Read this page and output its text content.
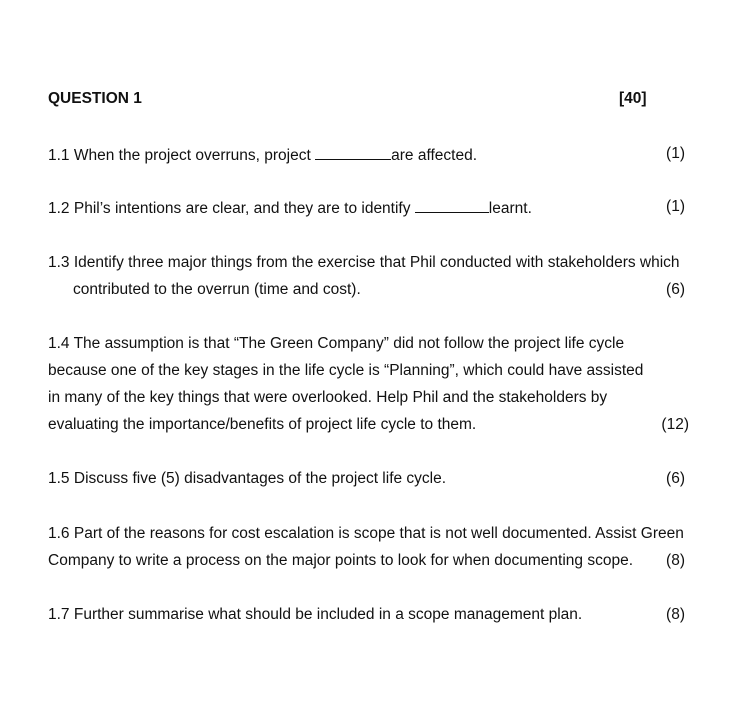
QUESTION 1	[40]
1.1 When the project overruns, project	are affected.	(1)
1.2 Phil’s intentions are clear, and they are to identify	learnt.	(1)
1.3 Identify three major things from the exercise that Phil conducted with stakeholders which
contributed to the overrun (time and cost).	(6)
1.4 The assumption is that “The Green Company” did not follow the project life cycle
because one of the key stages in the life cycle is “Planning”, which could have assisted
in many of the key things that were overlooked. Help Phil and the stakeholders by
evaluating the importance/benefits of project life cycle to them.	(12)
1.5 Discuss five (5) disadvantages of the project life cycle.	(6)
1.6 Part of the reasons for cost escalation is scope that is not well documented. Assist Green
Company to write a process on the major points to look for when documenting scope.	(8)
1.7 Further summarise what should be included in a scope management plan.	(8)
